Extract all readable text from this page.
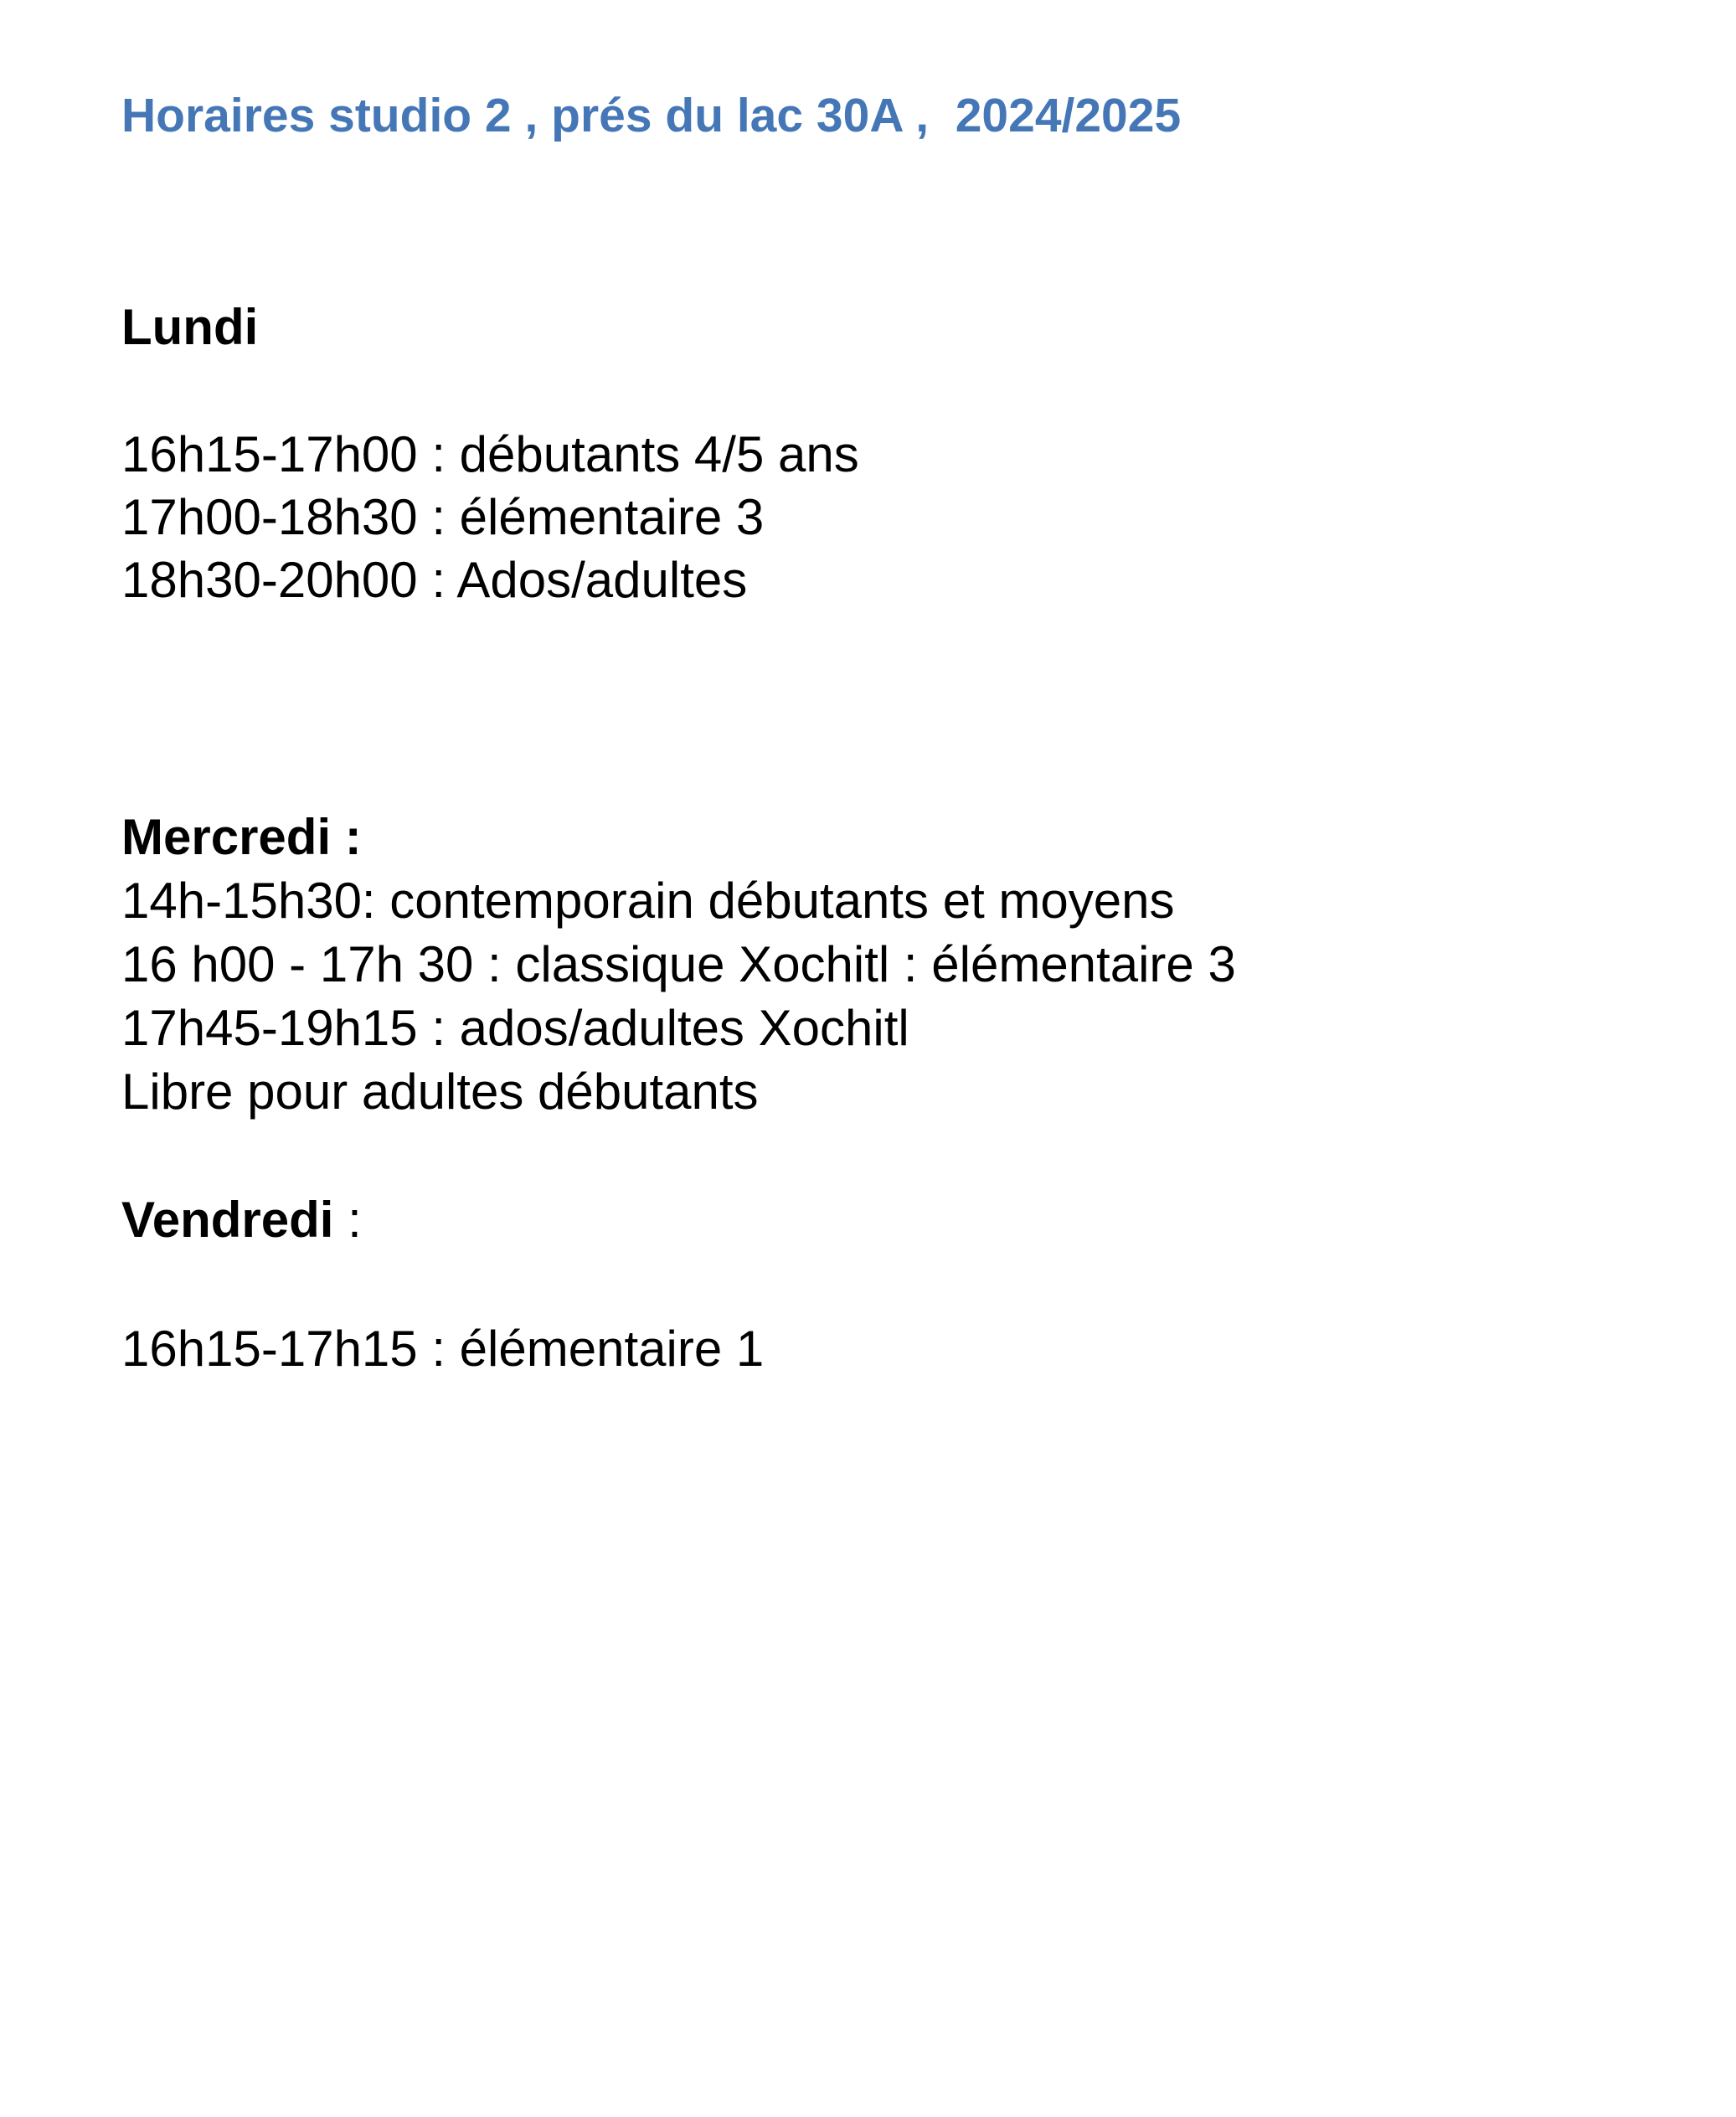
Horaires studio 2 , prés du lac 30A ,  2024/2025
Lundi
16h15-17h00 : débutants 4/5 ans
17h00-18h30 : élémentaire 3
18h30-20h00 : Ados/adultes
Mercredi :
14h-15h30: contemporain débutants et moyens
16 h00 - 17h 30 : classique Xochitl : élémentaire 3
17h45-19h15 : ados/adultes Xochitl
Libre pour adultes débutants
Vendredi :
16h15-17h15 : élémentaire 1
